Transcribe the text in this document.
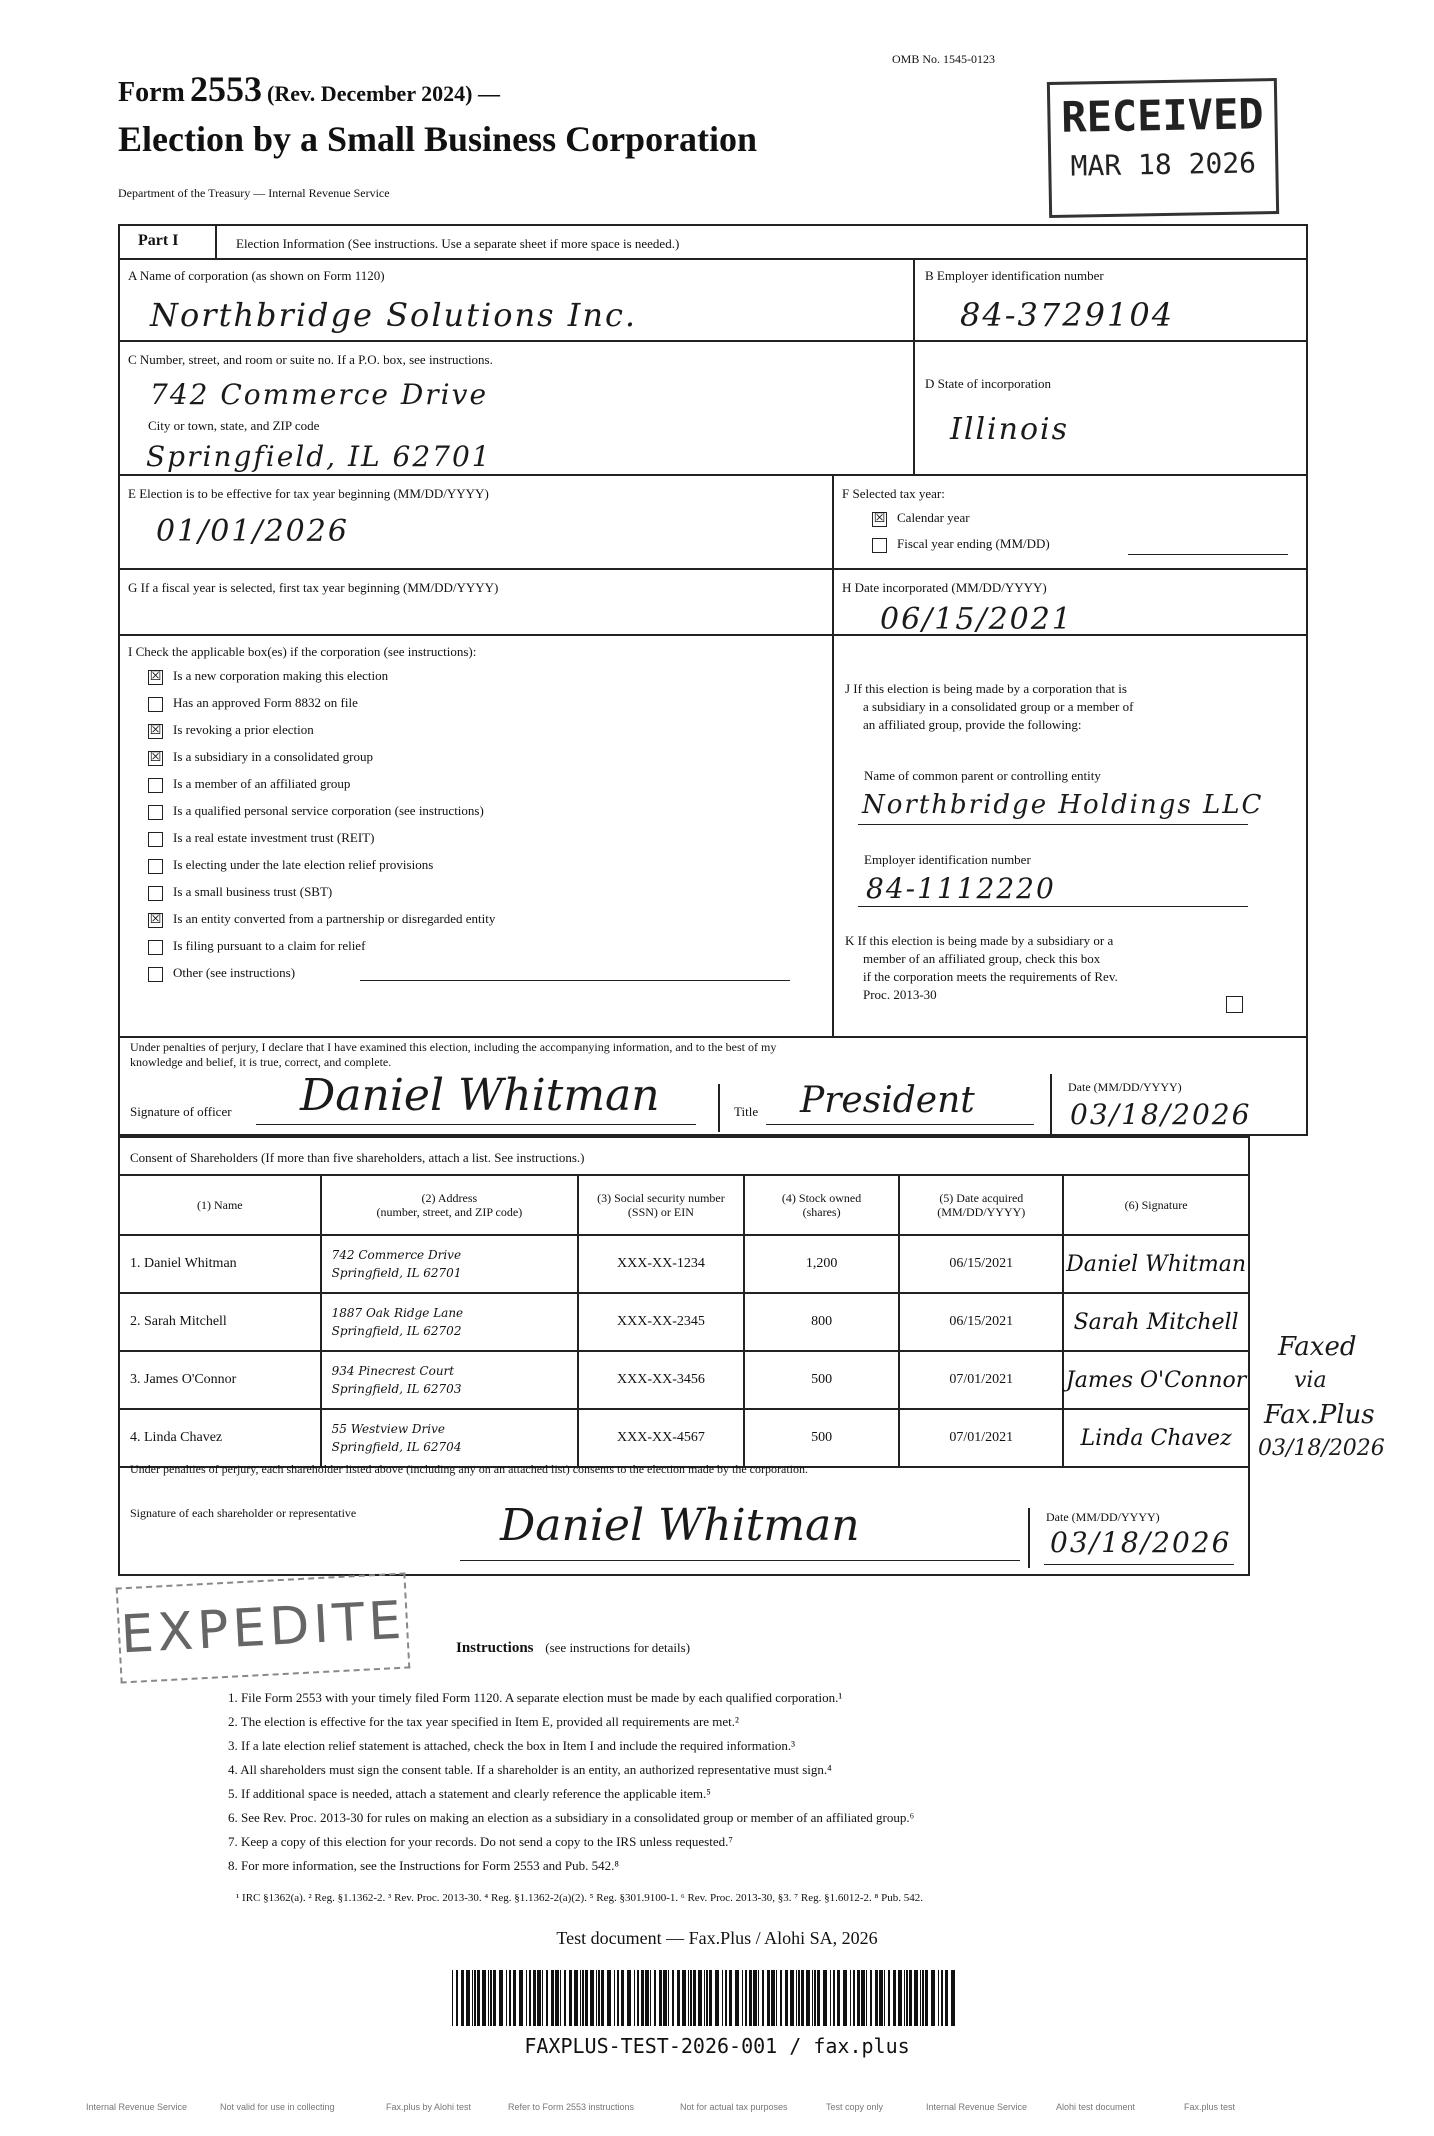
OMB No. 1545-0123
Form 2553 (Rev. December 2024) —
Election by a Small Business Corporation
Department of the Treasury — Internal Revenue Service
RECEIVED
MAR 18 2026
Part I	Election Information (See instructions. Use a separate sheet if more space is needed.)
A Name of corporation (as shown on Form 1120)
Northbridge Solutions Inc.
B Employer identification number
84-3729104
C Number, street, and room or suite no. If a P.O. box, see instructions.
742 Commerce Drive
City or town, state, and ZIP code
Springfield, IL 62701
D State of incorporation
Illinois
E Election is to be effective for tax year beginning (MM/DD/YYYY)
01/01/2026
F Selected tax year:
☒ Calendar year
Fiscal year ending (MM/DD)
G If a fiscal year is selected, first tax year beginning (MM/DD/YYYY)	H Date incorporated (MM/DD/YYYY)
06/15/2021
I Check the applicable box(es) if the corporation (see instructions):
☒ Is a new corporation making this election
Has an approved Form 8832 on file
☒ Is revoking a prior election
☒ Is a subsidiary in a consolidated group
Is a member of an affiliated group
Is a qualified personal service corporation (see instructions)
Is a real estate investment trust (REIT)
Is electing under the late election relief provisions
Is a small business trust (SBT)
☒ Is an entity converted from a partnership or disregarded entity
Is filing pursuant to a claim for relief
Other (see instructions)
J If this election is being made by a corporation that is
a subsidiary in a consolidated group or a member of
an affiliated group, provide the following:
Name of common parent or controlling entity
Northbridge Holdings LLC
Employer identification number
84-1112220
K If this election is being made by a subsidiary or a
member of an affiliated group, check this box
if the corporation meets the requirements of Rev.
Proc. 2013-30
Under penalties of perjury, I declare that I have examined this election, including the accompanying information, and to the best of my
knowledge and belief, it is true, correct, and complete.
Signature of officer Daniel Whitman	Title President	Date (MM/DD/YYYY)
03/18/2026
Consent of Shareholders (If more than five shareholders, attach a list. See instructions.)
(1) Name	(2) Address
(number, street, and ZIP code)	(3) Social security number
(SSN) or EIN	(4) Stock owned
(shares)	(5) Date acquired
(MM/DD/YYYY)	(6) Signature
1. Daniel Whitman	742 Commerce Drive
Springfield, IL 62701	XXX-XX-1234	1,200	06/15/2021	Daniel Whitman
2. Sarah Mitchell	1887 Oak Ridge Lane
Springfield, IL 62702	XXX-XX-2345	800	06/15/2021	Sarah Mitchell
3. James O'Connor	934 Pinecrest Court
Springfield, IL 62703	XXX-XX-3456	500	07/01/2021	James O'Connor
4. Linda Chavez	55 Westview Drive
Springfield, IL 62704	XXX-XX-4567	500	07/01/2021	Linda Chavez
Under penalties of perjury, each shareholder listed above (including any on an attached list) consents to the election made by the corporation.
Signature of each shareholder or representative	Daniel Whitman	Date (MM/DD/YYYY)
03/18/2026
Faxed
via
Fax.Plus
03/18/2026
EXPEDITE	Instructions (see instructions for details)
1. File Form 2553 with your timely filed Form 1120. A separate election must be made by each qualified corporation.¹
2. The election is effective for the tax year specified in Item E, provided all requirements are met.²
3. If a late election relief statement is attached, check the box in Item I and include the required information.³
4. All shareholders must sign the consent table. If a shareholder is an entity, an authorized representative must sign.⁴
5. If additional space is needed, attach a statement and clearly reference the applicable item.⁵
6. See Rev. Proc. 2013-30 for rules on making an election as a subsidiary in a consolidated group or member of an affiliated group.⁶
7. Keep a copy of this election for your records. Do not send a copy to the IRS unless requested.⁷
8. For more information, see the Instructions for Form 2553 and Pub. 542.⁸
¹ IRC §1362(a). ² Reg. §1.1362-2. ³ Rev. Proc. 2013-30. ⁴ Reg. §1.1362-2(a)(2). ⁵ Reg. §301.9100-1. ⁶ Rev. Proc. 2013-30, §3. ⁷ Reg. §1.6012-2. ⁸ Pub. 542.
Test document — Fax.Plus / Alohi SA, 2026
FAXPLUS-TEST-2026-001 / fax.plus
Internal Revenue Service	Not valid for use in collecting	Fax.plus by Alohi test	Refer to Form 2553 instructions	Not for actual tax purposes	Test copy only	Internal Revenue Service	Alohi test document	Fax.plus test
